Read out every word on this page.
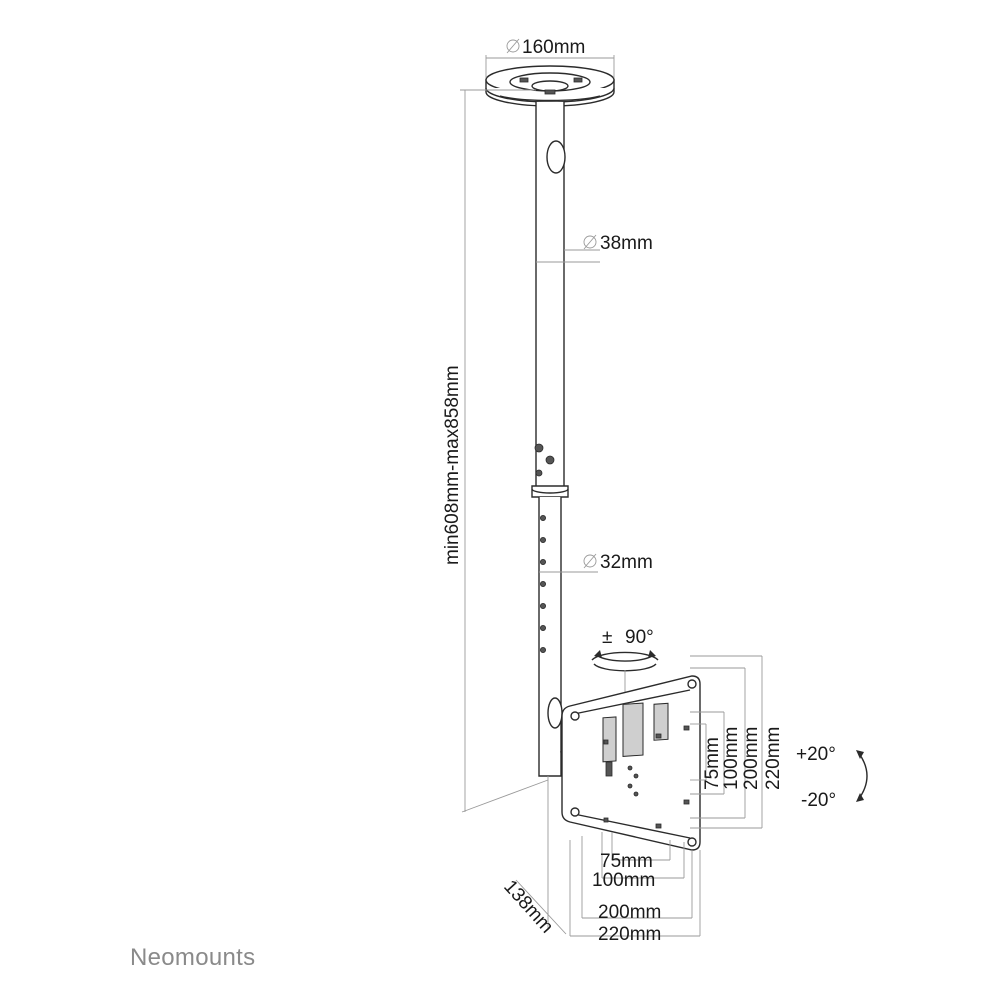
160mm
38mm
32mm
min608mm-max858mm
90°
±
75mm
100mm 200mm 220mm +20°
-20°
75mm
100mm
200mm
220mm
138mm
Neomounts
